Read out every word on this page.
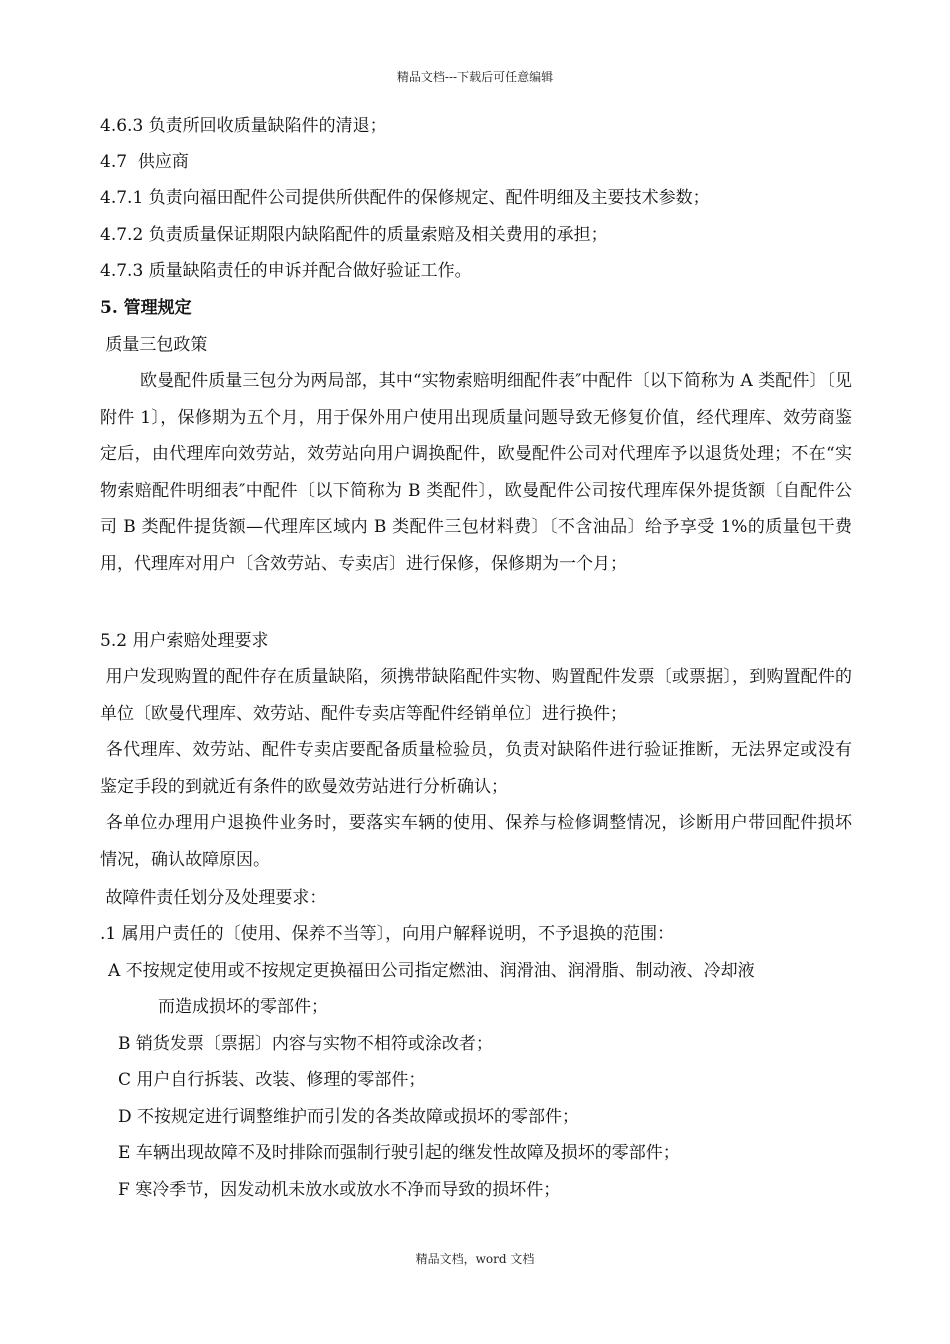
精品文档---下载后可任意编辑
4.6.3 负责所回收质量缺陷件的清退；
4.7  供应商
4.7.1 负责向福田配件公司提供所供配件的保修规定、配件明细及主要技术参数；
4.7.2 负责质量保证期限内缺陷配件的质量索赔及相关费用的承担；
4.7.3 质量缺陷责任的申诉并配合做好验证工作。
5. 管理规定
质量三包政策
欧曼配件质量三包分为两局部，其中“实物索赔明细配件表″中配件〔以下简称为 A 类配件〕〔见附件 1〕，保修期为五个月，用于保外用户使用出现质量问题导致无修复价值，经代理库、效劳商鉴定后，由代理库向效劳站，效劳站向用户调换配件，欧曼配件公司对代理库予以退货处理；不在“实物索赔配件明细表″中配件〔以下简称为 B 类配件〕，欧曼配件公司按代理库保外提货额〔自配件公司 B 类配件提货额—代理库区域内 B 类配件三包材料费〕〔不含油品〕给予享受 1%的质量包干费用，代理库对用户〔含效劳站、专卖店〕进行保修，保修期为一个月；
5.2 用户索赔处理要求
用户发现购置的配件存在质量缺陷，须携带缺陷配件实物、购置配件发票〔或票据〕，到购置配件的单位〔欧曼代理库、效劳站、配件专卖店等配件经销单位〕进行换件；
各代理库、效劳站、配件专卖店要配备质量检验员，负责对缺陷件进行验证推断，无法界定或没有鉴定手段的到就近有条件的欧曼效劳站进行分析确认；
各单位办理用户退换件业务时，要落实车辆的使用、保养与检修调整情况，诊断用户带回配件损坏情况，确认故障原因。
故障件责任划分及处理要求：
.1 属用户责任的〔使用、保养不当等〕，向用户解释说明，不予退换的范围：
A 不按规定使用或不按规定更换福田公司指定燃油、润滑油、润滑脂、制动液、冷却液
而造成损坏的零部件；
B 销货发票〔票据〕内容与实物不相符或涂改者；
C 用户自行拆装、改装、修理的零部件；
D 不按规定进行调整维护而引发的各类故障或损坏的零部件；
E 车辆出现故障不及时排除而强制行驶引起的继发性故障及损坏的零部件；
F 寒冷季节，因发动机未放水或放水不净而导致的损坏件；
精品文档，word 文档
